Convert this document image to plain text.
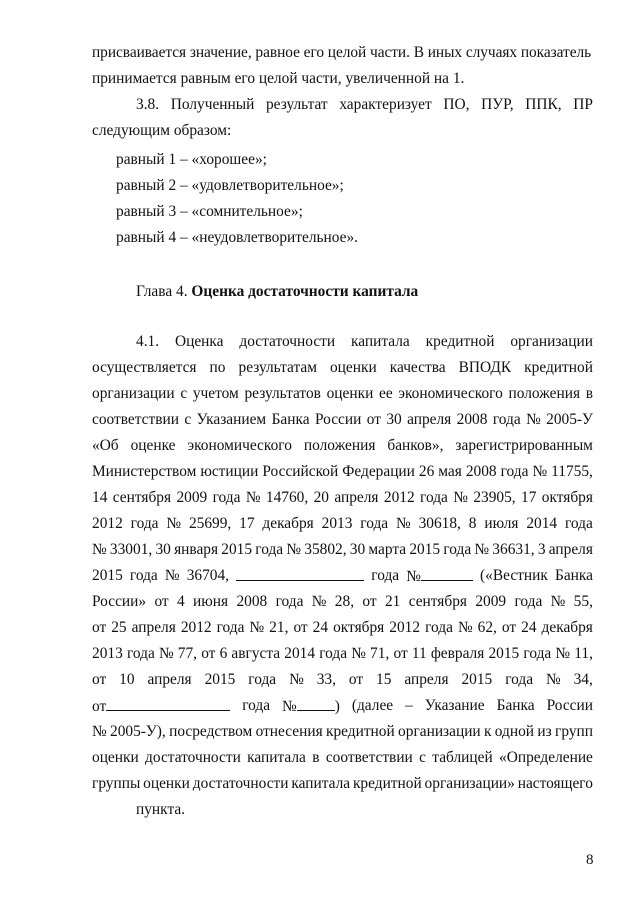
присваивается значение, равное его целой части. В иных случаях показатель
принимается равным его целой части, увеличенной на 1.
3.8. Полученный результат характеризует ПО, ПУР, ППК, ПР
следующим образом:
равный 1 – «хорошее»;
равный 2 – «удовлетворительное»;
равный 3 – «сомнительное»;
равный 4 – «неудовлетворительное».
Глава 4. Оценка достаточности капитала
4.1. Оценка достаточности капитала кредитной организации
осуществляется по результатам оценки качества ВПОДК кредитной
организации с учетом результатов оценки ее экономического положения в
соответствии с Указанием Банка России от 30 апреля 2008 года № 2005-У
«Об оценке экономического положения банков», зарегистрированным
Министерством юстиции Российской Федерации 26 мая 2008 года № 11755,
14 сентября 2009 года № 14760, 20 апреля 2012 года № 23905, 17 октября
2012 года № 25699, 17 декабря 2013 года № 30618, 8 июля 2014 года
№ 33001, 30 января 2015 года № 35802, 30 марта 2015 года № 36631, 3 апреля
2015 года № 36704,	года №	(«Вестник Банка
России» от 4 июня 2008 года № 28, от 21 сентября 2009 года № 55,
от 25 апреля 2012 года № 21, от 24 октября 2012 года № 62, от 24 декабря
2013 года № 77, от 6 августа 2014 года № 71, от 11 февраля 2015 года № 11,
от 10 апреля 2015 года № 33, от 15 апреля 2015 года № 34,
от	года № ) (далее – Указание Банка России
№ 2005-У), посредством отнесения кредитной организации к одной из групп
оценки достаточности капитала в соответствии с таблицей «Определение
группы оценки достаточности капитала кредитной организации» настоящего
пункта.
8
